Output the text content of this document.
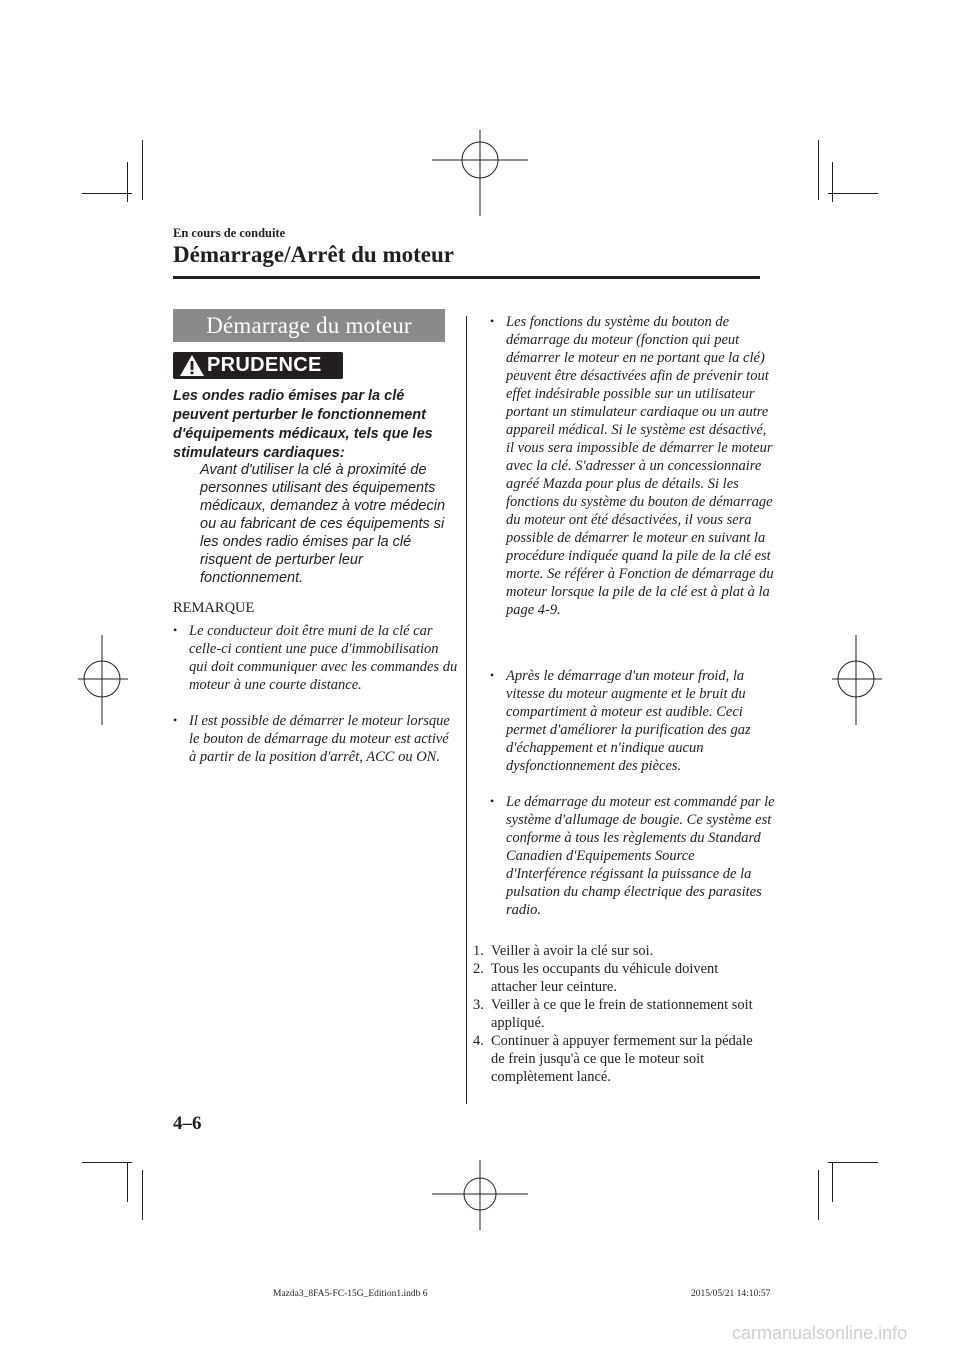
En cours de conduite
Démarrage/Arrêt du moteur
Démarrage du moteur
PRUDENCE
Les ondes radio émises par la clé peuvent perturber le fonctionnement d'équipements médicaux, tels que les stimulateurs cardiaques:
Avant d'utiliser la clé à proximité de personnes utilisant des équipements médicaux, demandez à votre médecin ou au fabricant de ces équipements si les ondes radio émises par la clé risquent de perturber leur fonctionnement.
REMARQUE
• Le conducteur doit être muni de la clé car celle-ci contient une puce d'immobilisation qui doit communiquer avec les commandes du moteur à une courte distance.
• Il est possible de démarrer le moteur lorsque le bouton de démarrage du moteur est activé à partir de la position d'arrêt, ACC ou ON.
• Les fonctions du système du bouton de démarrage du moteur (fonction qui peut démarrer le moteur en ne portant que la clé) peuvent être désactivées afin de prévenir tout effet indésirable possible sur un utilisateur portant un stimulateur cardiaque ou un autre appareil médical. Si le système est désactivé, il vous sera impossible de démarrer le moteur avec la clé. S'adresser à un concessionnaire agréé Mazda pour plus de détails. Si les fonctions du système du bouton de démarrage du moteur ont été désactivées, il vous sera possible de démarrer le moteur en suivant la procédure indiquée quand la pile de la clé est morte. Se référer à Fonction de démarrage du moteur lorsque la pile de la clé est à plat à la page 4-9.
• Après le démarrage d'un moteur froid, la vitesse du moteur augmente et le bruit du compartiment à moteur est audible. Ceci permet d'améliorer la purification des gaz d'échappement et n'indique aucun dysfonctionnement des pièces.
• Le démarrage du moteur est commandé par le système d'allumage de bougie. Ce système est conforme à tous les règlements du Standard Canadien d'Equipements Source d'Interférence régissant la puissance de la pulsation du champ électrique des parasites radio.
1. Veiller à avoir la clé sur soi.
2. Tous les occupants du véhicule doivent attacher leur ceinture.
3. Veiller à ce que le frein de stationnement soit appliqué.
4. Continuer à appuyer fermement sur la pédale de frein jusqu'à ce que le moteur soit complètement lancé.
4–6
Mazda3_8FA5-FC-15G_Edition1.indb 6	2015/05/21 14:10:57
carmanualsonline.info
